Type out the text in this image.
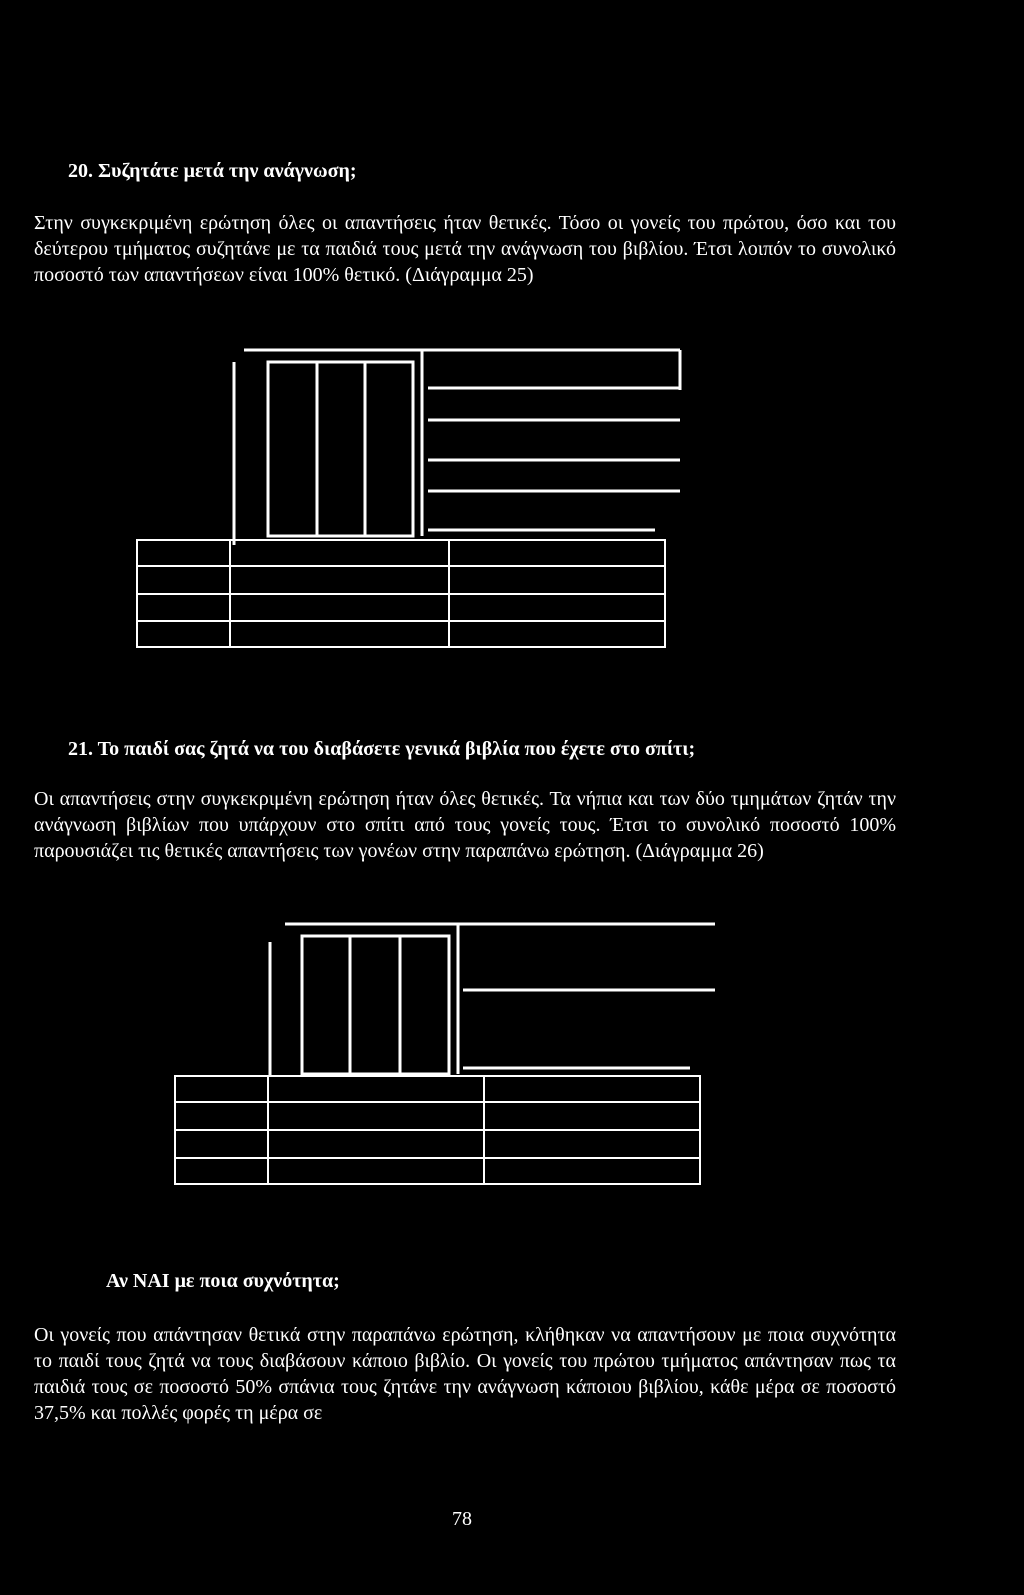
20. Συζητάτε μετά την ανάγνωση;

Στην συγκεκριμένη ερώτηση όλες οι απαντήσεις ήταν θετικές. Τόσο οι γονείς του πρώτου, όσο και του δεύτερου τμήματος συζητάνε με τα παιδιά τους μετά την ανάγνωση του βιβλίου. Έτσι λοιπόν το συνολικό ποσοστό των απαντήσεων είναι 100% θετικό. (Διάγραμμα 25)

21. Το παιδί σας ζητά να του διαβάσετε γενικά βιβλία που έχετε στο σπίτι;

Οι απαντήσεις στην συγκεκριμένη ερώτηση ήταν όλες θετικές. Τα νήπια και των δύο τμημάτων ζητάν την ανάγνωση βιβλίων που υπάρχουν στο σπίτι από τους γονείς τους. Έτσι το συνολικό ποσοστό 100% παρουσιάζει τις θετικές απαντήσεις των γονέων στην παραπάνω ερώτηση. (Διάγραμμα 26)

Αν ΝΑΙ με ποια συχνότητα;

Οι γονείς που απάντησαν θετικά στην παραπάνω ερώτηση, κλήθηκαν να απαντήσουν με ποια συχνότητα το παιδί τους ζητά να τους διαβάσουν κάποιο βιβλίο. Οι γονείς του πρώτου τμήματος απάντησαν πως τα παιδιά τους σε ποσοστό 50% σπάνια τους ζητάνε την ανάγνωση κάποιου βιβλίου, κάθε μέρα σε ποσοστό 37,5% και πολλές φορές τη μέρα σε

78
